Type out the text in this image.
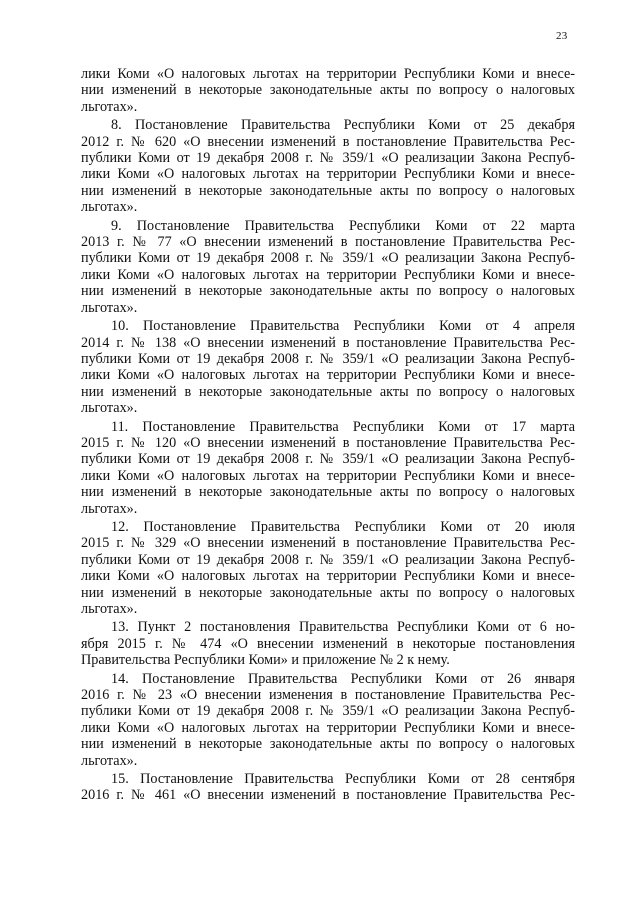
23
лики Коми «О налоговых льготах на территории Республики Коми и внесе-
нии изменений в некоторые законодательные акты по вопросу о налоговых
льготах».
8. Постановление Правительства Республики Коми от 25 декабря
2012 г. № 620 «О внесении изменений в постановление Правительства Рес-
публики Коми от 19 декабря 2008 г. № 359/1 «О реализации Закона Респуб-
лики Коми «О налоговых льготах на территории Республики Коми и внесе-
нии изменений в некоторые законодательные акты по вопросу о налоговых
льготах».
9. Постановление Правительства Республики Коми от 22 марта
2013 г. № 77 «О внесении изменений в постановление Правительства Рес-
публики Коми от 19 декабря 2008 г. № 359/1 «О реализации Закона Респуб-
лики Коми «О налоговых льготах на территории Республики Коми и внесе-
нии изменений в некоторые законодательные акты по вопросу о налоговых
льготах».
10. Постановление Правительства Республики Коми от 4 апреля
2014 г. № 138 «О внесении изменений в постановление Правительства Рес-
публики Коми от 19 декабря 2008 г. № 359/1 «О реализации Закона Респуб-
лики Коми «О налоговых льготах на территории Республики Коми и внесе-
нии изменений в некоторые законодательные акты по вопросу о налоговых
льготах».
11. Постановление Правительства Республики Коми от 17 марта
2015 г. № 120 «О внесении изменений в постановление Правительства Рес-
публики Коми от 19 декабря 2008 г. № 359/1 «О реализации Закона Респуб-
лики Коми «О налоговых льготах на территории Республики Коми и внесе-
нии изменений в некоторые законодательные акты по вопросу о налоговых
льготах».
12. Постановление Правительства Республики Коми от 20 июля
2015 г. № 329 «О внесении изменений в постановление Правительства Рес-
публики Коми от 19 декабря 2008 г. № 359/1 «О реализации Закона Респуб-
лики Коми «О налоговых льготах на территории Республики Коми и внесе-
нии изменений в некоторые законодательные акты по вопросу о налоговых
льготах».
13. Пункт 2 постановления Правительства Республики Коми от 6 но-
ября 2015 г. № 474 «О внесении изменений в некоторые постановления
Правительства Республики Коми» и приложение № 2 к нему.
14. Постановление Правительства Республики Коми от 26 января
2016 г. № 23 «О внесении изменения в постановление Правительства Рес-
публики Коми от 19 декабря 2008 г. № 359/1 «О реализации Закона Респуб-
лики Коми «О налоговых льготах на территории Республики Коми и внесе-
нии изменений в некоторые законодательные акты по вопросу о налоговых
льготах».
15. Постановление Правительства Республики Коми от 28 сентября
2016 г. № 461 «О внесении изменений в постановление Правительства Рес-
